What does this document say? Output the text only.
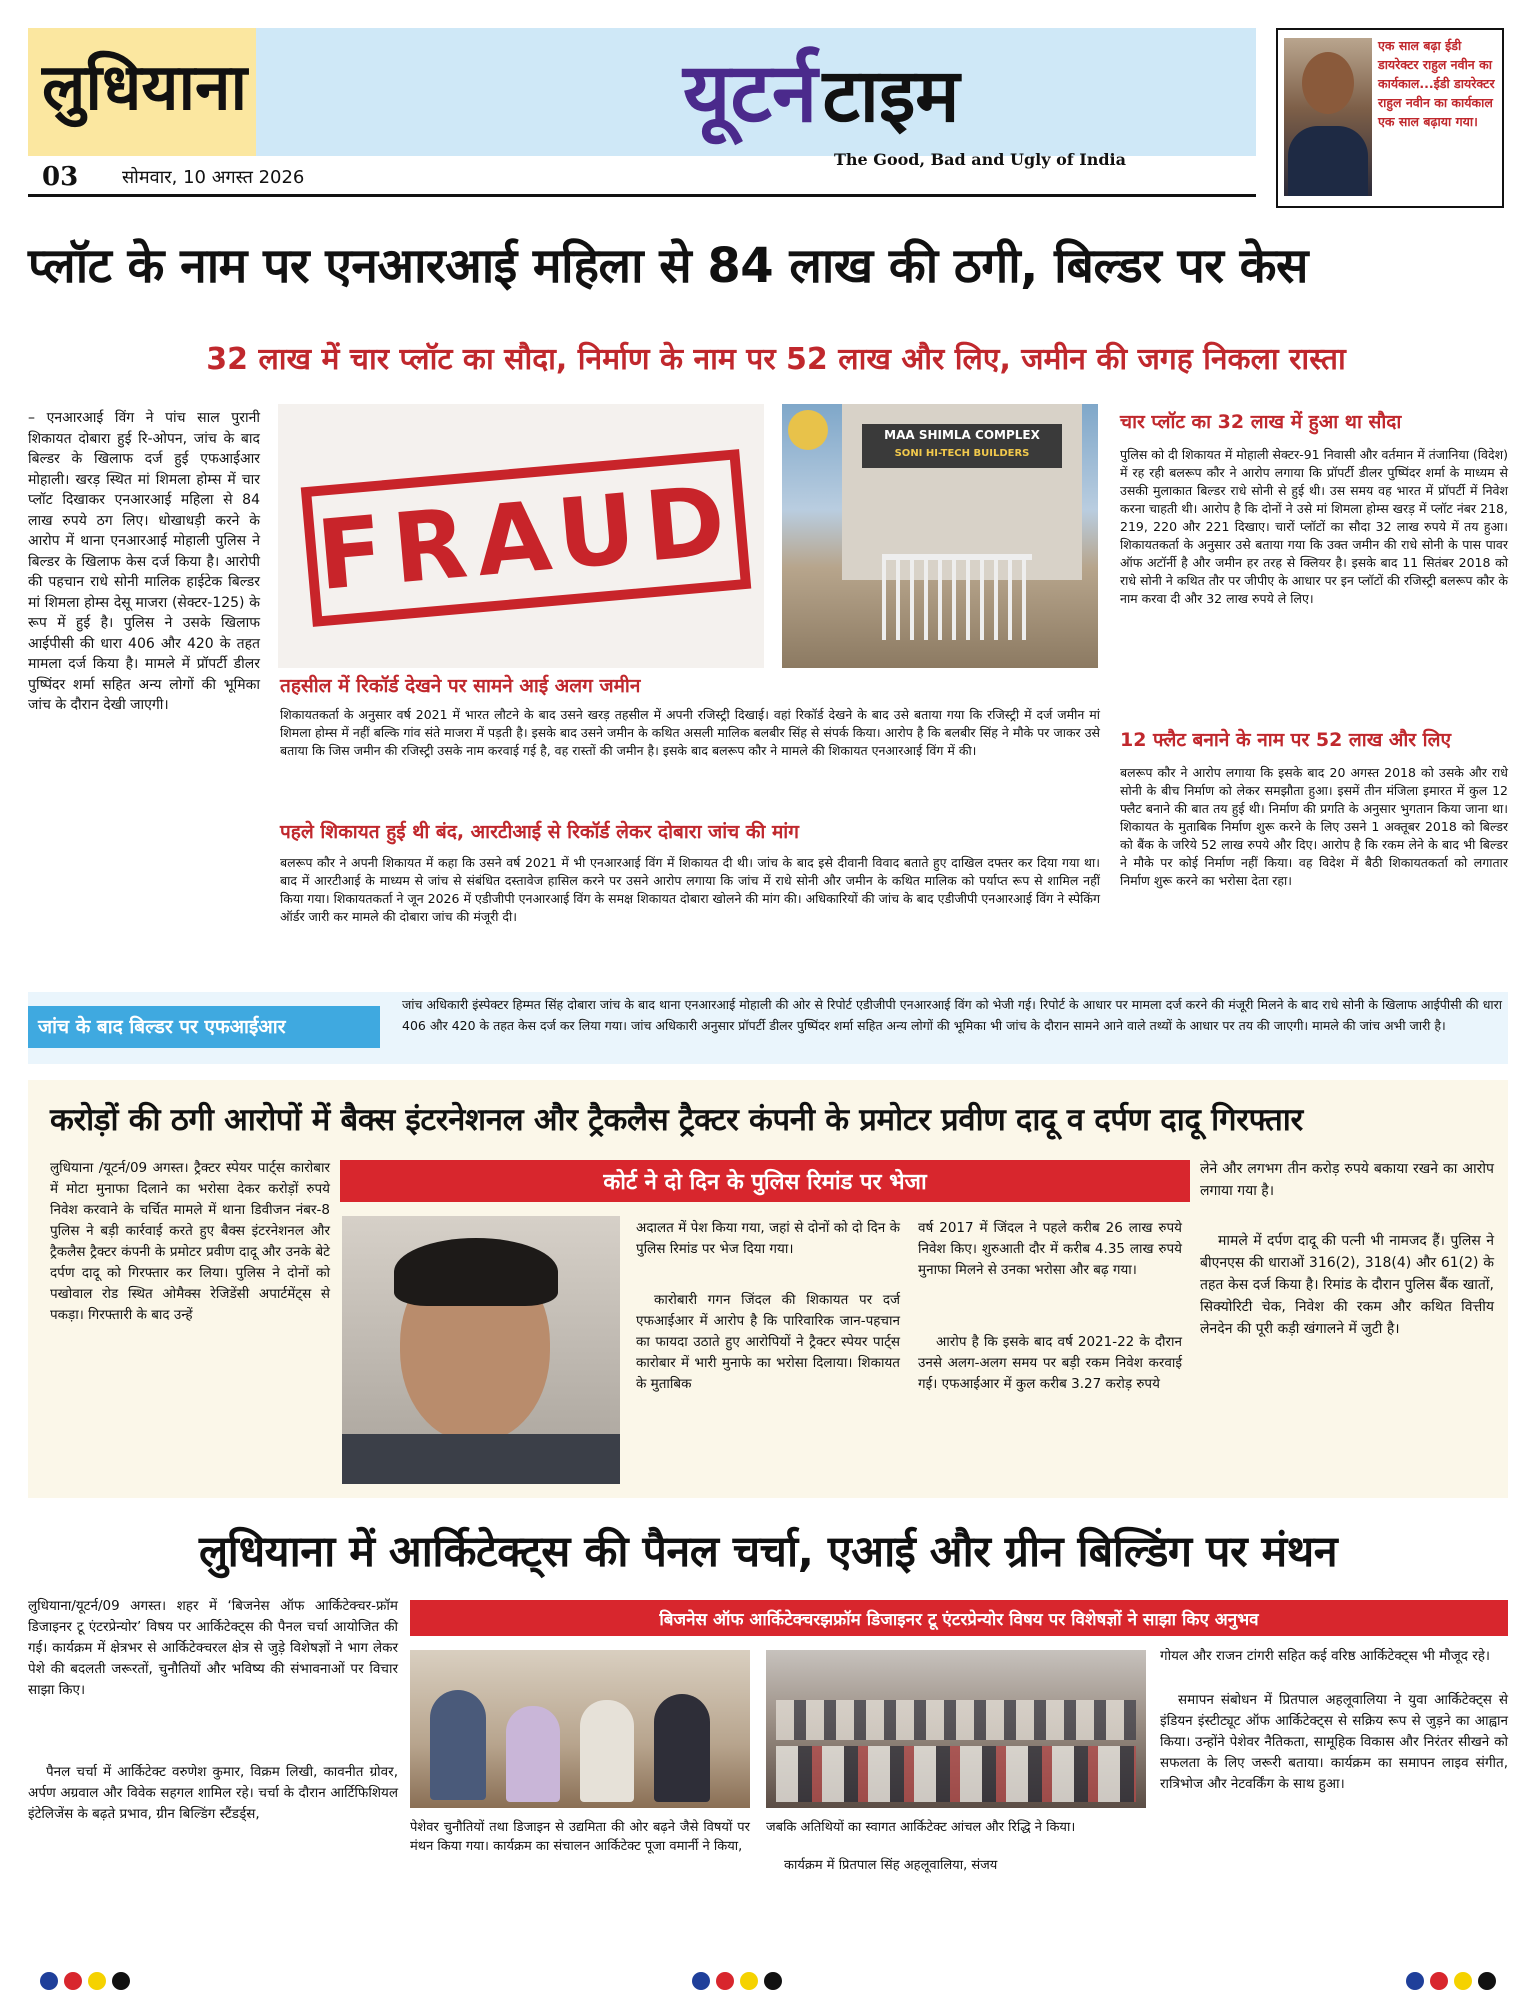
लुधियाना	यूटर्न टाइम
The Good, Bad and Ugly of India
03 सोमवार, 10 अगस्त 2026
एक साल बढ़ा ईडी डायरेक्टर राहुल नवीन का कार्यकाल...ईडी डायरेक्टर राहुल नवीन का कार्यकाल एक साल बढ़ाया गया।
प्लॉट के नाम पर एनआरआई महिला से 84 लाख की ठगी, बिल्डर पर केस
32 लाख में चार प्लॉट का सौदा, निर्माण के नाम पर 52 लाख और लिए, जमीन की जगह निकला रास्ता

– एनआरआई विंग ने पांच साल पुरानी शिकायत दोबारा हुई रि-ओपन, जांच के बाद बिल्डर के खिलाफ दर्ज हुई एफआईआर मोहाली। खरड़ स्थित मां शिमला होम्स में चार प्लॉट दिखाकर एनआरआई महिला से 84 लाख रुपये ठग लिए। धोखाधड़ी करने के आरोप में थाना एनआरआई मोहाली पुलिस ने बिल्डर के खिलाफ केस दर्ज किया है। आरोपी की पहचान राधे सोनी मालिक हाईटेक बिल्डर मां शिमला होम्स देसू माजरा (सेक्टर-125) के रूप में हुई है। पुलिस ने उसके खिलाफ आईपीसी की धारा 406 और 420 के तहत मामला दर्ज किया है। मामले में प्रॉपर्टी डीलर पुष्पिंदर शर्मा सहित अन्य लोगों की भूमिका जांच के दौरान देखी जाएगी।

FRAUD
MAA SHIMLA COMPLEX
SONI HI-TECH BUILDERS
तहसील में रिकॉर्ड देखने पर सामने आई अलग जमीन

शिकायतकर्ता के अनुसार वर्ष 2021 में भारत लौटने के बाद उसने खरड़ तहसील में अपनी रजिस्ट्री दिखाई। वहां रिकॉर्ड देखने के बाद उसे बताया गया कि रजिस्ट्री में दर्ज जमीन मां शिमला होम्स में नहीं बल्कि गांव संते माजरा में पड़ती है। इसके बाद उसने जमीन के कथित असली मालिक बलबीर सिंह से संपर्क किया। आरोप है कि बलबीर सिंह ने मौके पर जाकर उसे बताया कि जिस जमीन की रजिस्ट्री उसके नाम करवाई गई है, वह रास्तों की जमीन है। इसके बाद बलरूप कौर ने मामले की शिकायत एनआरआई विंग में की।

पहले शिकायत हुई थी बंद, आरटीआई से रिकॉर्ड लेकर दोबारा जांच की मांग

बलरूप कौर ने अपनी शिकायत में कहा कि उसने वर्ष 2021 में भी एनआरआई विंग में शिकायत दी थी। जांच के बाद इसे दीवानी विवाद बताते हुए दाखिल दफ्तर कर दिया गया था। बाद में आरटीआई के माध्यम से जांच से संबंधित दस्तावेज हासिल करने पर उसने आरोप लगाया कि जांच में राधे सोनी और जमीन के कथित मालिक को पर्याप्त रूप से शामिल नहीं किया गया। शिकायतकर्ता ने जून 2026 में एडीजीपी एनआरआई विंग के समक्ष शिकायत दोबारा खोलने की मांग की। अधिकारियों की जांच के बाद एडीजीपी एनआरआई विंग ने स्पेकिंग ऑर्डर जारी कर मामले की दोबारा जांच की मंजूरी दी।

चार प्लॉट का 32 लाख में हुआ था सौदा

पुलिस को दी शिकायत में मोहाली सेक्टर-91 निवासी और वर्तमान में तंजानिया (विदेश) में रह रही बलरूप कौर ने आरोप लगाया कि प्रॉपर्टी डीलर पुष्पिंदर शर्मा के माध्यम से उसकी मुलाकात बिल्डर राधे सोनी से हुई थी। उस समय वह भारत में प्रॉपर्टी में निवेश करना चाहती थी। आरोप है कि दोनों ने उसे मां शिमला होम्स खरड़ में प्लॉट नंबर 218, 219, 220 और 221 दिखाए। चारों प्लॉटों का सौदा 32 लाख रुपये में तय हुआ। शिकायतकर्ता के अनुसार उसे बताया गया कि उक्त जमीन की राधे सोनी के पास पावर ऑफ अटॉर्नी है और जमीन हर तरह से क्लियर है। इसके बाद 11 सितंबर 2018 को राधे सोनी ने कथित तौर पर जीपीए के आधार पर इन प्लॉटों की रजिस्ट्री बलरूप कौर के नाम करवा दी और 32 लाख रुपये ले लिए।

12 फ्लैट बनाने के नाम पर 52 लाख और लिए

बलरूप कौर ने आरोप लगाया कि इसके बाद 20 अगस्त 2018 को उसके और राधे सोनी के बीच निर्माण को लेकर समझौता हुआ। इसमें तीन मंजिला इमारत में कुल 12 फ्लैट बनाने की बात तय हुई थी। निर्माण की प्रगति के अनुसार भुगतान किया जाना था। शिकायत के मुताबिक निर्माण शुरू करने के लिए उसने 1 अक्तूबर 2018 को बिल्डर को बैंक के जरिये 52 लाख रुपये और दिए। आरोप है कि रकम लेने के बाद भी बिल्डर ने मौके पर कोई निर्माण नहीं किया। वह विदेश में बैठी शिकायतकर्ता को लगातार निर्माण शुरू करने का भरोसा देता रहा।

जांच के बाद बिल्डर पर एफआईआर

जांच अधिकारी इंस्पेक्टर हिम्मत सिंह दोबारा जांच के बाद थाना एनआरआई मोहाली की ओर से रिपोर्ट एडीजीपी एनआरआई विंग को भेजी गई। रिपोर्ट के आधार पर मामला दर्ज करने की मंजूरी मिलने के बाद राधे सोनी के खिलाफ आईपीसी की धारा 406 और 420 के तहत केस दर्ज कर लिया गया। जांच अधिकारी अनुसार प्रॉपर्टी डीलर पुष्पिंदर शर्मा सहित अन्य लोगों की भूमिका भी जांच के दौरान सामने आने वाले तथ्यों के आधार पर तय की जाएगी। मामले की जांच अभी जारी है।

करोड़ों की ठगी आरोपों में बैक्स इंटरनेशनल और ट्रैकलैस ट्रैक्टर कंपनी के प्रमोटर प्रवीण दादू व दर्पण दादू गिरफ्तार

लुधियाना /यूटर्न/09 अगस्त। ट्रैक्टर स्पेयर पार्ट्स कारोबार में मोटा मुनाफा दिलाने का भरोसा देकर करोड़ों रुपये निवेश करवाने के चर्चित मामले में थाना डिवीजन नंबर-8 पुलिस ने बड़ी कार्रवाई करते हुए बैक्स इंटरनेशनल और ट्रैकलैस ट्रैक्टर कंपनी के प्रमोटर प्रवीण दादू और उनके बेटे दर्पण दादू को गिरफ्तार कर लिया। पुलिस ने दोनों को पखोवाल रोड स्थित ओमैक्स रेजिडेंसी अपार्टमेंट्स से पकड़ा। गिरफ्तारी के बाद उन्हें

कोर्ट ने दो दिन के पुलिस रिमांड पर भेजा

अदालत में पेश किया गया, जहां से दोनों को दो दिन के पुलिस रिमांड पर भेज दिया गया।

कारोबारी गगन जिंदल की शिकायत पर दर्ज एफआईआर में आरोप है कि पारिवारिक जान-पहचान का फायदा उठाते हुए आरोपियों ने ट्रैक्टर स्पेयर पार्ट्स कारोबार में भारी मुनाफे का भरोसा दिलाया। शिकायत के मुताबिक

वर्ष 2017 में जिंदल ने पहले करीब 26 लाख रुपये निवेश किए। शुरुआती दौर में करीब 4.35 लाख रुपये मुनाफा मिलने से उनका भरोसा और बढ़ गया।

आरोप है कि इसके बाद वर्ष 2021-22 के दौरान उनसे अलग-अलग समय पर बड़ी रकम निवेश करवाई गई। एफआईआर में कुल करीब 3.27 करोड़ रुपये

लेने और लगभग तीन करोड़ रुपये बकाया रखने का आरोप लगाया गया है।

मामले में दर्पण दादू की पत्नी भी नामजद हैं। पुलिस ने बीएनएस की धाराओं 316(2), 318(4) और 61(2) के तहत केस दर्ज किया है। रिमांड के दौरान पुलिस बैंक खातों, सिक्योरिटी चेक, निवेश की रकम और कथित वित्तीय लेनदेन की पूरी कड़ी खंगालने में जुटी है।

लुधियाना में आर्किटेक्ट्स की पैनल चर्चा, एआई और ग्रीन बिल्डिंग पर मंथन

लुधियाना/यूटर्न/09 अगस्त। शहर में ‘बिजनेस ऑफ आर्किटेक्चर-फ्रॉम डिजाइनर टू एंटरप्रेन्योर’ विषय पर आर्किटेक्ट्स की पैनल चर्चा आयोजित की गई। कार्यक्रम में क्षेत्रभर से आर्किटेक्चरल क्षेत्र से जुड़े विशेषज्ञों ने भाग लेकर पेशे की बदलती जरूरतों, चुनौतियों और भविष्य की संभावनाओं पर विचार साझा किए।

पैनल चर्चा में आर्किटेक्ट वरुणेश कुमार, विक्रम लिखी, कावनीत ग्रोवर, अर्पण अग्रवाल और विवेक सहगल शामिल रहे। चर्चा के दौरान आर्टिफिशियल इंटेलिजेंस के बढ़ते प्रभाव, ग्रीन बिल्डिंग स्टैंडर्ड्स,

बिजनेस ऑफ आर्किटेक्चरझफ्रॉम डिजाइनर टू एंटरप्रेन्योर विषय पर विशेषज्ञों ने साझा किए अनुभव

पेशेवर चुनौतियों तथा डिजाइन से उद्यमिता की ओर बढ़ने जैसे विषयों पर मंथन किया गया। कार्यक्रम का संचालन आर्किटेक्ट पूजा वमार्नी ने किया,

जबकि अतिथियों का स्वागत आर्किटेक्ट आंचल और रिद्धि ने किया।

कार्यक्रम में प्रितपाल सिंह अहलूवालिया, संजय

गोयल और राजन टांगरी सहित कई वरिष्ठ आर्किटेक्ट्स भी मौजूद रहे।

समापन संबोधन में प्रितपाल अहलूवालिया ने युवा आर्किटेक्ट्स से इंडियन इंस्टीट्यूट ऑफ आर्किटेक्ट्स से सक्रिय रूप से जुड़ने का आह्वान किया। उन्होंने पेशेवर नैतिकता, सामूहिक विकास और निरंतर सीखने को सफलता के लिए जरूरी बताया। कार्यक्रम का समापन लाइव संगीत, रात्रिभोज और नेटवर्किंग के साथ हुआ।
